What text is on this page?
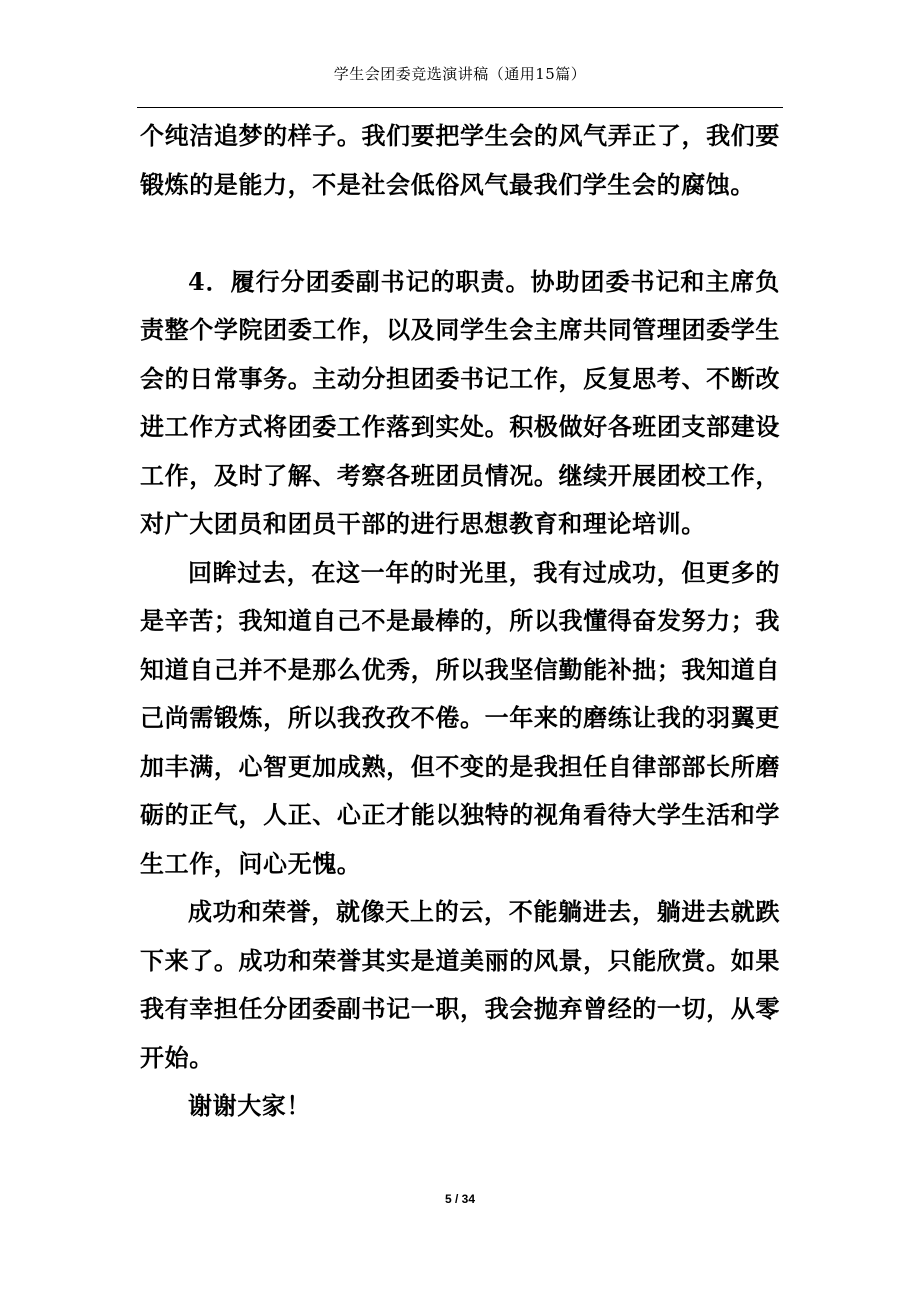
学生会团委竞选演讲稿（通用15篇）

个纯洁追梦的样子。我们要把学生会的风气弄正了，我们要锻炼的是能力，不是社会低俗风气最我们学生会的腐蚀。

4．履行分团委副书记的职责。协助团委书记和主席负责整个学院团委工作，以及同学生会主席共同管理团委学生会的日常事务。主动分担团委书记工作，反复思考、不断改进工作方式将团委工作落到实处。积极做好各班团支部建设工作，及时了解、考察各班团员情况。继续开展团校工作，对广大团员和团员干部的进行思想教育和理论培训。

回眸过去，在这一年的时光里，我有过成功，但更多的是辛苦；我知道自己不是最棒的，所以我懂得奋发努力；我知道自己并不是那么优秀，所以我坚信勤能补拙；我知道自己尚需锻炼，所以我孜孜不倦。一年来的磨练让我的羽翼更加丰满，心智更加成熟，但不变的是我担任自律部部长所磨砺的正气，人正、心正才能以独特的视角看待大学生活和学生工作，问心无愧。

成功和荣誉，就像天上的云，不能躺进去，躺进去就跌下来了。成功和荣誉其实是道美丽的风景，只能欣赏。如果我有幸担任分团委副书记一职，我会抛弃曾经的一切，从零开始。

谢谢大家！

5 / 34
